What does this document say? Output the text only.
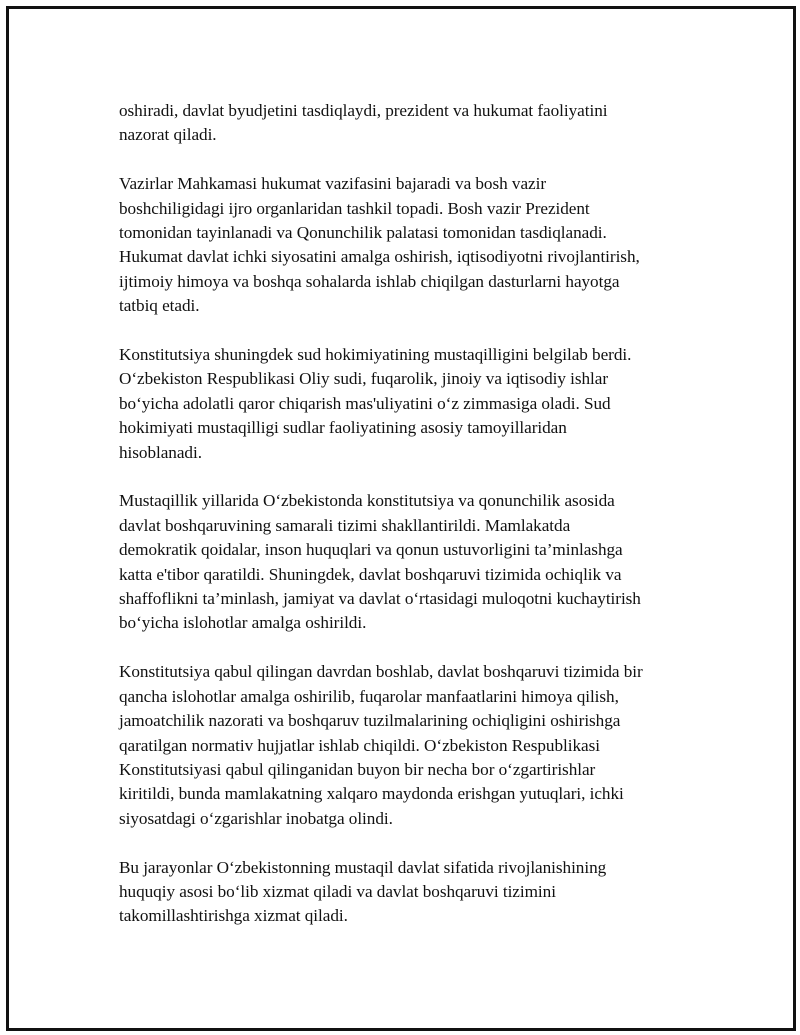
oshiradi, davlat byudjetini tasdiqlaydi, prezident va hukumat faoliyatini
nazorat qiladi.

Vazirlar Mahkamasi hukumat vazifasini bajaradi va bosh vazir
boshchiligidagi ijro organlaridan tashkil topadi. Bosh vazir Prezident
tomonidan tayinlanadi va Qonunchilik palatasi tomonidan tasdiqlanadi.
Hukumat davlat ichki siyosatini amalga oshirish, iqtisodiyotni rivojlantirish,
ijtimoiy himoya va boshqa sohalarda ishlab chiqilgan dasturlarni hayotga
tatbiq etadi.

Konstitutsiya shuningdek sud hokimiyatining mustaqilligini belgilab berdi.
O‘zbekiston Respublikasi Oliy sudi, fuqarolik, jinoiy va iqtisodiy ishlar
bo‘yicha adolatli qaror chiqarish mas'uliyatini o‘z zimmasiga oladi. Sud
hokimiyati mustaqilligi sudlar faoliyatining asosiy tamoyillaridan
hisoblanadi.

Mustaqillik yillarida O‘zbekistonda konstitutsiya va qonunchilik asosida
davlat boshqaruvining samarali tizimi shakllantirildi. Mamlakatda
demokratik qoidalar, inson huquqlari va qonun ustuvorligini ta’minlashga
katta e'tibor qaratildi. Shuningdek, davlat boshqaruvi tizimida ochiqlik va
shaffoflikni ta’minlash, jamiyat va davlat o‘rtasidagi muloqotni kuchaytirish
bo‘yicha islohotlar amalga oshirildi.

Konstitutsiya qabul qilingan davrdan boshlab, davlat boshqaruvi tizimida bir
qancha islohotlar amalga oshirilib, fuqarolar manfaatlarini himoya qilish,
jamoatchilik nazorati va boshqaruv tuzilmalarining ochiqligini oshirishga
qaratilgan normativ hujjatlar ishlab chiqildi. O‘zbekiston Respublikasi
Konstitutsiyasi qabul qilinganidan buyon bir necha bor o‘zgartirishlar
kiritildi, bunda mamlakatning xalqaro maydonda erishgan yutuqlari, ichki
siyosatdagi o‘zgarishlar inobatga olindi.

Bu jarayonlar O‘zbekistonning mustaqil davlat sifatida rivojlanishining
huquqiy asosi bo‘lib xizmat qiladi va davlat boshqaruvi tizimini
takomillashtirishga xizmat qiladi.
